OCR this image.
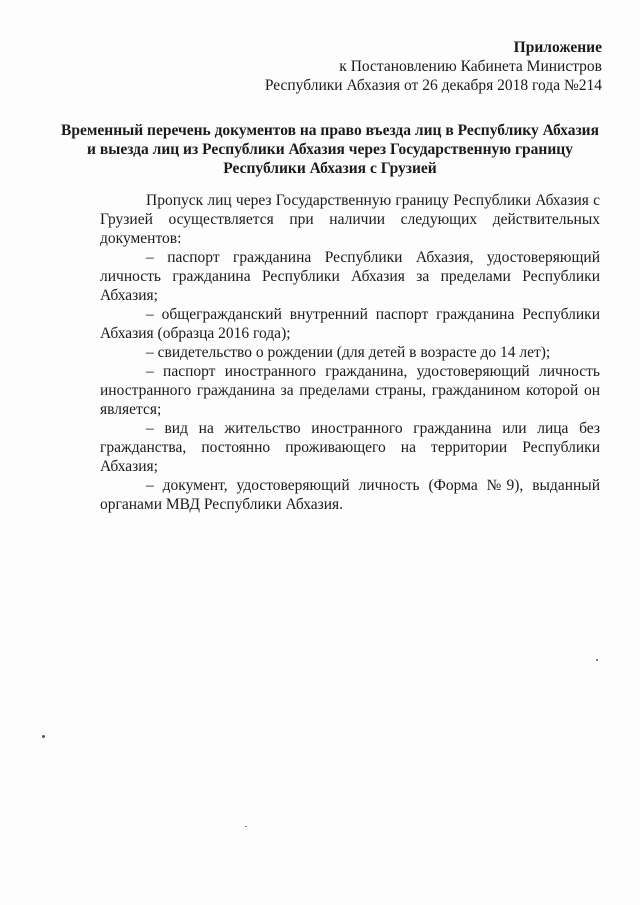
Приложение
к Постановлению Кабинета Министров
Республики Абхазия от 26 декабря 2018 года №214
Временный перечень документов на право въезда лиц в Республику Абхазия и выезда лиц из Республики Абхазия через Государственную границу Республики Абхазия с Грузией

Пропуск лиц через Государственную границу Республики Абхазия с Грузией осуществляется при наличии следующих действительных документов:

– паспорт гражданина Республики Абхазия, удостоверяющий личность гражданина Республики Абхазия за пределами Республики Абхазия;

– общегражданский внутренний паспорт гражданина Республики Абхазия (образца 2016 года);

– свидетельство о рождении (для детей в возрасте до 14 лет);

– паспорт иностранного гражданина, удостоверяющий личность иностранного гражданина за пределами страны, гражданином которой он является;

– вид на жительство иностранного гражданина или лица без гражданства, постоянно проживающего на территории Республики Абхазия;

– документ, удостоверяющий личность (Форма №9), выданный органами МВД Республики Абхазия.
